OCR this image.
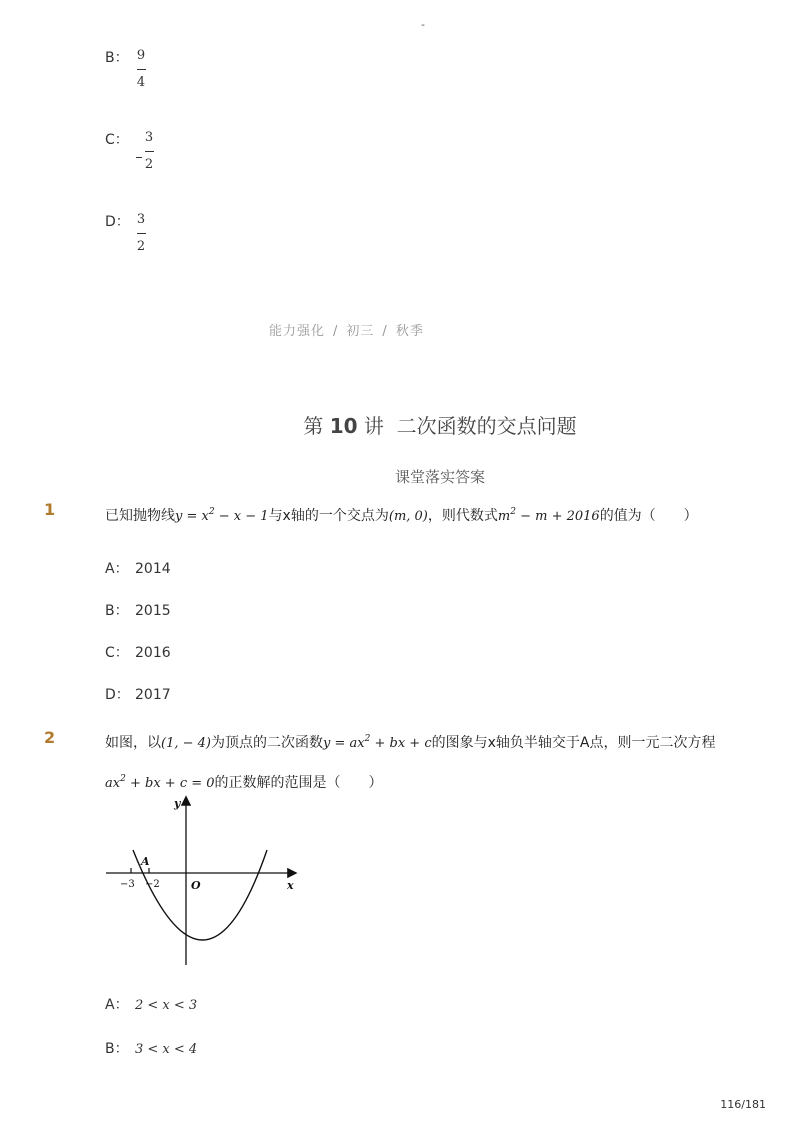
-
B： 9
4
C：	3
2
D： 3
2
能力强化 / 初三 / 秋季
第 10 讲 二次函数的交点问题
课堂落实答案
1	已知抛物线$y = x^2 - x - 1$与x轴的一个交点为(m, 0)，则代数式$m^2 - m + 2016$的值为（　　）
A： 2014
B： 2015
C： 2016
D： 2017
2	如图，以(1, − 4)为顶点的二次函数$y = ax^2$ + bx + c的图象与x轴负半轴交于A点，则一元二次方程
$ax^2$ + bx + c = 0的正数解的范围是（　　）
y
x
O
A
−3 −2
A： 2 < x < 3
B： 3 < x < 4
116/181
